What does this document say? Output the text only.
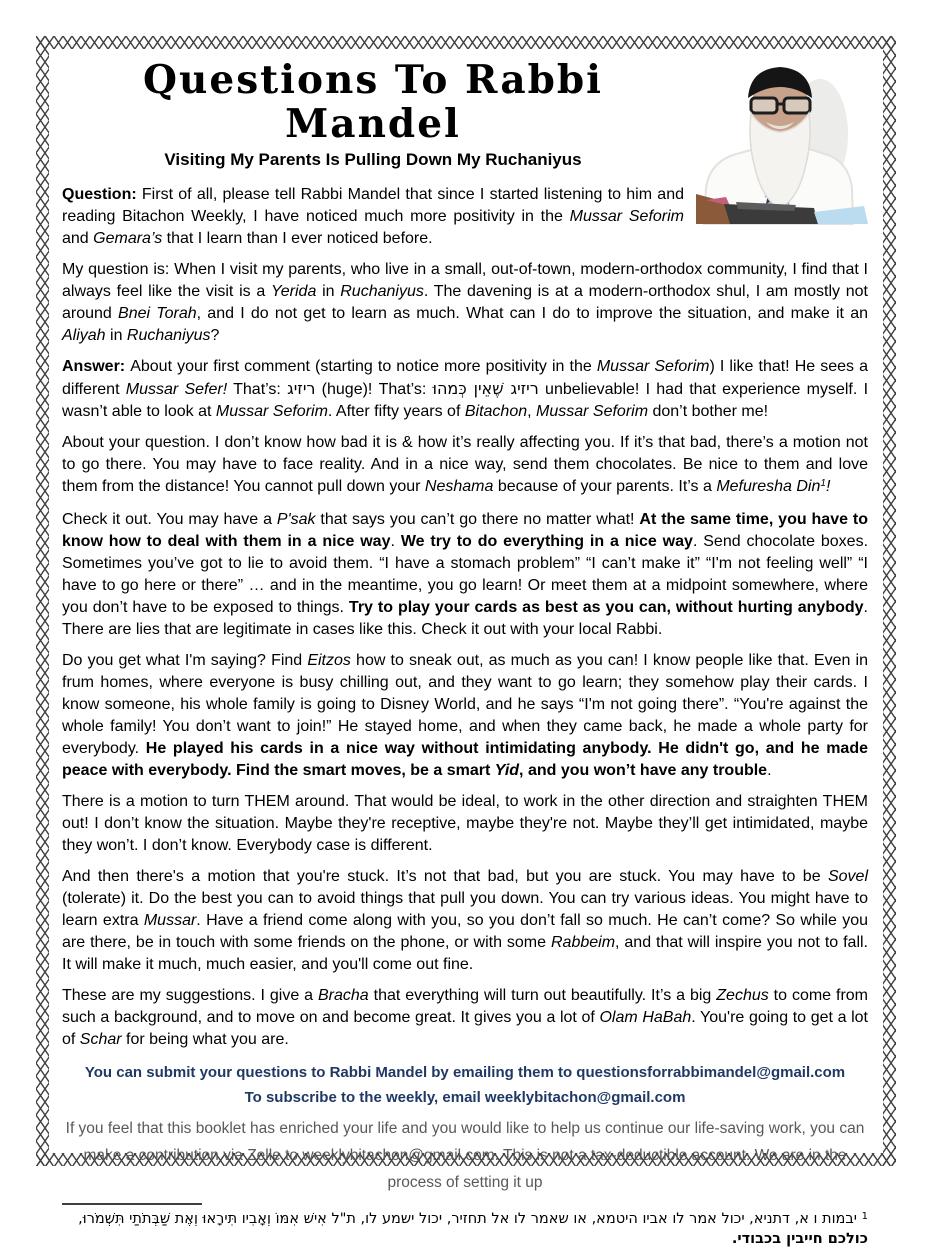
Questions To Rabbi Mandel
Visiting My Parents Is Pulling Down My Ruchaniyus

Question: First of all, please tell Rabbi Mandel that since I started listening to him and reading Bitachon Weekly, I have noticed much more positivity in the Mussar Seforim and Gemara’s that I learn than I ever noticed before.

My question is: When I visit my parents, who live in a small, out-of-town, modern-orthodox community, I find that I always feel like the visit is a Yerida in Ruchaniyus. The davening is at a modern-orthodox shul, I am mostly not around Bnei Torah, and I do not get to learn as much. What can I do to improve the situation, and make it an Aliyah in Ruchaniyus?

Answer: About your first comment (starting to notice more positivity in the Mussar Seforim) I like that! He sees a different Mussar Sefer! That’s: ריזיג (huge)! That’s: ריזיג שֶׁאֵין כְּמהוּ unbelievable! I had that experience myself. I wasn’t able to look at Mussar Seforim. After fifty years of Bitachon, Mussar Seforim don’t bother me!

About your question. I don’t know how bad it is & how it’s really affecting you. If it’s that bad, there’s a motion not to go there. You may have to face reality. And in a nice way, send them chocolates. Be nice to them and love them from the distance! You cannot pull down your Neshama because of your parents. It’s a Mefuresha Din$^1$!

Check it out. You may have a P'sak that says you can’t go there no matter what! At the same time, you have to know how to deal with them in a nice way. We try to do everything in a nice way. Send chocolate boxes. Sometimes you’ve got to lie to avoid them. “I have a stomach problem” “I can’t make it” “I'm not feeling well” “I have to go here or there” … and in the meantime, you go learn! Or meet them at a midpoint somewhere, where you don’t have to be exposed to things. Try to play your cards as best as you can, without hurting anybody. There are lies that are legitimate in cases like this. Check it out with your local Rabbi.

Do you get what I'm saying? Find Eitzos how to sneak out, as much as you can! I know people like that. Even in frum homes, where everyone is busy chilling out, and they want to go learn; they somehow play their cards. I know someone, his whole family is going to Disney World, and he says “I'm not going there”. “You're against the whole family! You don’t want to join!” He stayed home, and when they came back, he made a whole party for everybody. He played his cards in a nice way without intimidating anybody. He didn't go, and he made peace with everybody. Find the smart moves, be a smart Yid, and you won’t have any trouble.

There is a motion to turn THEM around. That would be ideal, to work in the other direction and straighten THEM out! I don’t know the situation. Maybe they're receptive, maybe they're not. Maybe they’ll get intimidated, maybe they won’t. I don’t know. Everybody case is different.

And then there's a motion that you're stuck. It’s not that bad, but you are stuck. You may have to be Sovel (tolerate) it. Do the best you can to avoid things that pull you down. You can try various ideas. You might have to learn extra Mussar. Have a friend come along with you, so you don’t fall so much. He can’t come? So while you are there, be in touch with some friends on the phone, or with some Rabbeim, and that will inspire you not to fall. It will make it much, much easier, and you'll come out fine.

These are my suggestions. I give a Bracha that everything will turn out beautifully. It’s a big Zechus to come from such a background, and to move on and become great. It gives you a lot of Olam HaBah. You're going to get a lot of Schar for being what you are.

You can submit your questions to Rabbi Mandel by emailing them to questionsforrabbimandel@gmail.com
To subscribe to the weekly, email weeklybitachon@gmail.com
If you feel that this booklet has enriched your life and you would like to help us continue our life-saving work, you can make a contribution via Zelle to weeklybitachon@gmail.com. This is not a tax-deductible account. We are in the process of setting it up

$^1$ יבמות ו א, דתניא, יכול אמר לו אביו היטמא, או שאמר לו אל תחזיר, יכול ישמע לו, ת"ל אִישׁ אִמּוֹ וְאָבִיו תִּירָאוּ וְאֶת שַׁבְּתֹתַי תִּשְׁמֹרוּ, כולכם חייבין בכבודי.
